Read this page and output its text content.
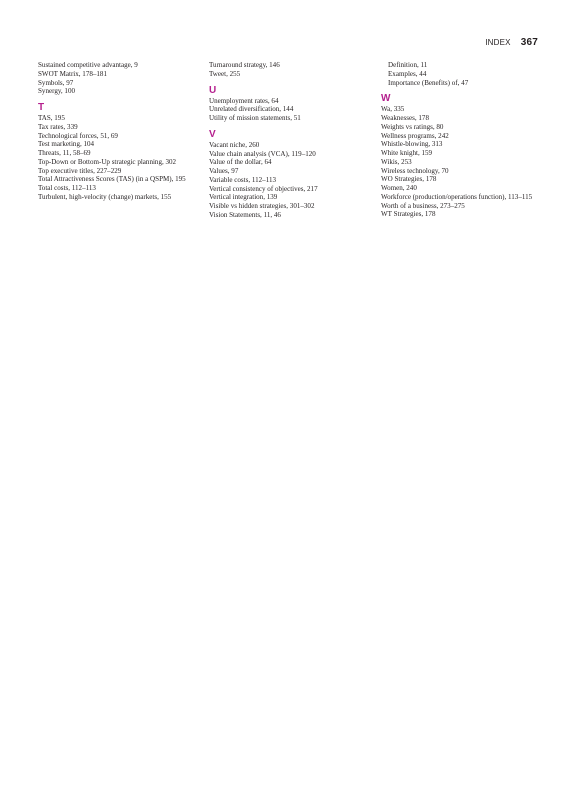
INDEX 367
Sustained competitive advantage, 9
SWOT Matrix, 178–181
Symbols, 97
Synergy, 100
T
TAS, 195
Tax rates, 339
Technological forces, 51, 69
Test marketing, 104
Threats, 11, 58–69
Top-Down or Bottom-Up strategic planning, 302
Top executive titles, 227–229
Total Attractiveness Scores (TAS) (in a QSPM), 195
Total costs, 112–113
Turbulent, high-velocity (change) markets, 155
Turnaround strategy, 146
Tweet, 255
U
Unemployment rates, 64
Unrelated diversification, 144
Utility of mission statements, 51
V
Vacant niche, 260
Value chain analysis (VCA), 119–120
Value of the dollar, 64
Values, 97
Variable costs, 112–113
Vertical consistency of objectives, 217
Vertical integration, 139
Visible vs hidden strategies, 301–302
Vision Statements, 11, 46
Definition, 11
Examples, 44
Importance (Benefits) of, 47
W
Wa, 335
Weaknesses, 178
Weights vs ratings, 80
Wellness programs, 242
Whistle-blowing, 313
White knight, 159
Wikis, 253
Wireless technology, 70
WO Strategies, 178
Women, 240
Workforce (production/operations function), 113–115
Worth of a business, 273–275
WT Strategies, 178
